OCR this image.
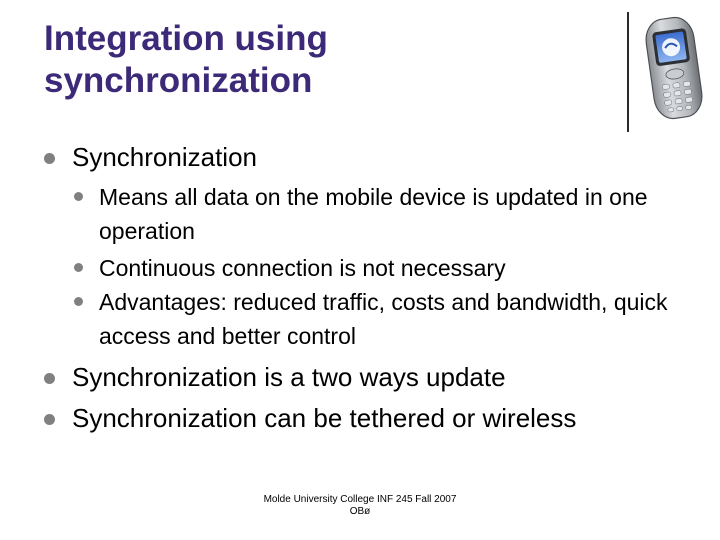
Integration using
synchronization
Synchronization
Means all data on the mobile device is updated in one operation
Continuous connection is not necessary
Advantages: reduced traffic, costs and bandwidth, quick access and better control
Synchronization is a two ways update
Synchronization can be tethered or wireless
Molde University College INF 245 Fall 2007
OBø
